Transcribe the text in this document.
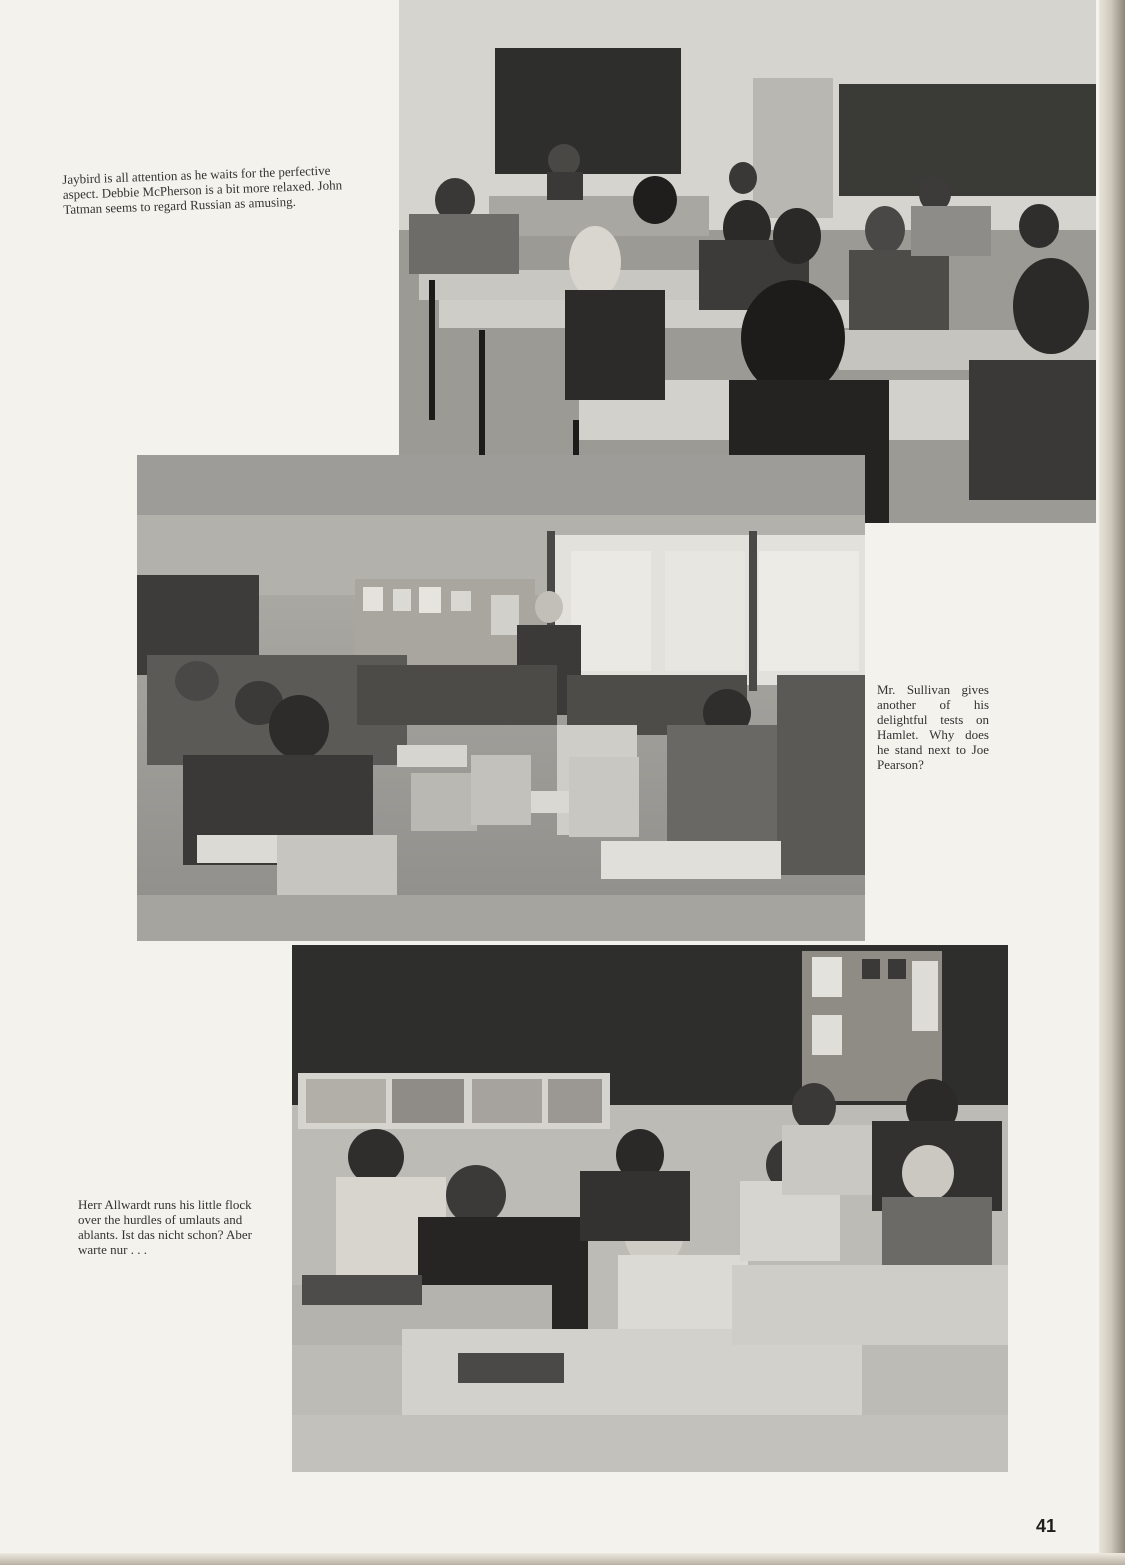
Jaybird is all attention as he waits for the perfective aspect. Debbie McPherson is a bit more relaxed. John Tatman seems to regard Russian as amusing.

Mr. Sullivan gives another of his delightful tests on Hamlet. Why does he stand next to Joe Pearson?

Herr Allwardt runs his little flock over the hurdles of umlauts and ablants. Ist das nicht schon? Aber warte nur . . .

41
